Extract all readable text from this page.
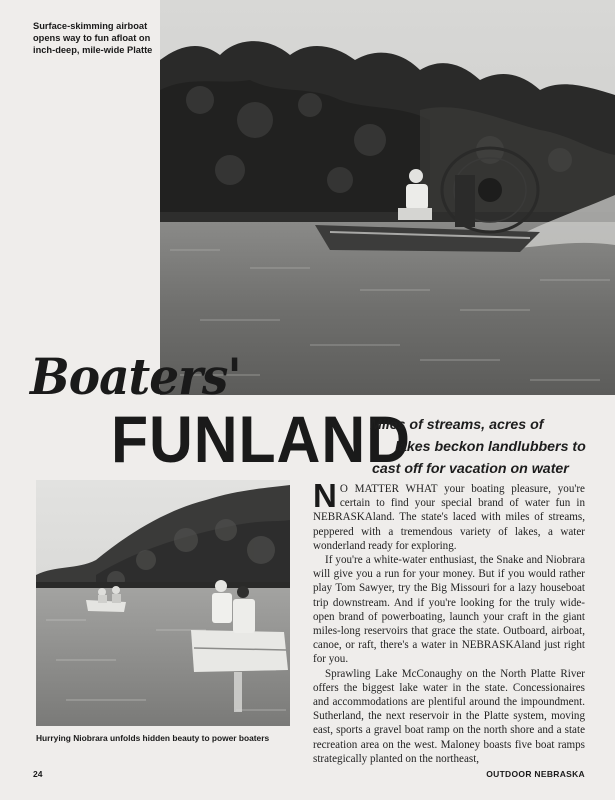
Surface-skimming airboat opens way to fun afloat on inch-deep, mile-wide Platte
Boaters'
FUNLAND
Miles of streams, acres of
lakes beckon landlubbers to
cast off for vacation on water

N O MATTER WHAT your boating pleasure, you're certain to find your special brand of water fun in NEBRASKAland. The state's laced with miles of streams, peppered with a tremendous variety of lakes, a water wonderland ready for exploring.

If you're a white-water enthusiast, the Snake and Niobrara will give you a run for your money. But if you would rather play Tom Sawyer, try the Big Missouri for a lazy houseboat trip downstream. And if you're looking for the truly wide-open brand of powerboating, launch your craft in the giant miles-long reservoirs that grace the state. Outboard, airboat, canoe, or raft, there's a water in NEBRASKAland just right for you.

Sprawling Lake McConaughy on the North Platte River offers the biggest lake water in the state. Concessionaires and accommodations are plentiful around the impoundment. Sutherland, the next reservoir in the Platte system, moving east, sports a gravel boat ramp on the north shore and a state recreation area on the west. Maloney boasts five boat ramps strategically planted on the northeast,

Hurrying Niobrara unfolds hidden beauty to power boaters
24	OUTDOOR NEBRASKA
